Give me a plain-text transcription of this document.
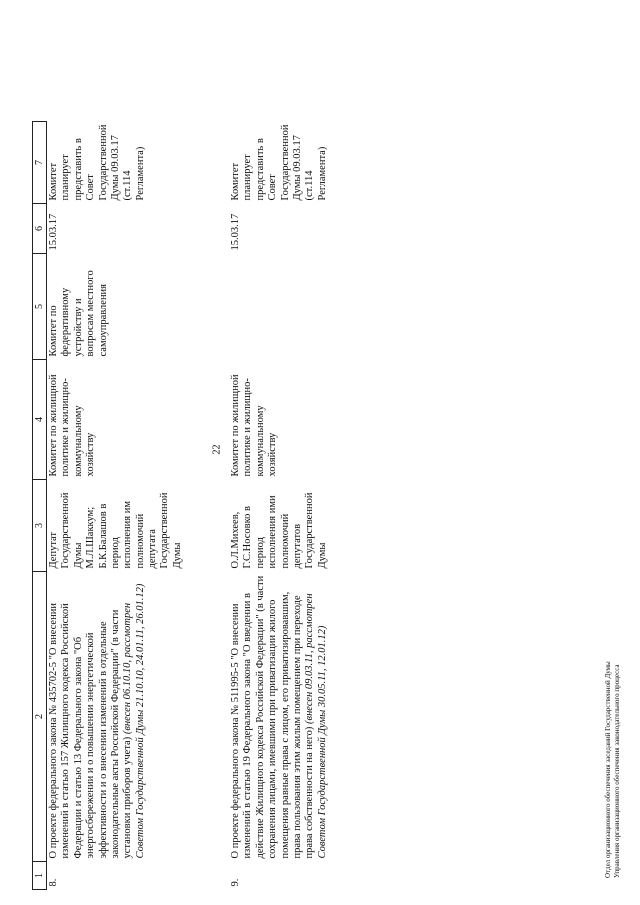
22
1	2	3	4	5	6	7
8.	О проекте федерального закона № 435702-5 "О внесении изменений в статью 157 Жилищного кодекса Российской Федерации и статью 13 Федерального закона "Об энергосбережении и о повышении энергетической эффективности и о внесении изменений в отдельные законодательные акты Российской Федерации" (в части установки приборов учета) (внесен 06.10.10, рассмотрен Советом Государственной Думы 21.10.10, 24.01.11, 26.01.12)	Депутат Государственной Думы М.Л.Шаккум; Б.К.Балашов в период исполнения им полномочий депутата Государственной Думы	Комитет по жилищной политике и жилищно-коммунальному хозяйству	Комитет по федеративному устройству и вопросам местного самоуправления	15.03.17	Комитет планирует представить в Совет Государственной Думы 09.03.17 (ст.114 Регламента)
9.	О проекте федерального закона № 511995-5 "О внесении изменений в статью 19 Федерального закона "О введении в действие Жилищного кодекса Российской Федерации" (в части сохранения лицами, имевшими при приватизации жилого помещения равные права с лицом, его приватизировавшим, права пользования этим жилым помещением при переходе права собственности на него) (внесен 09.03.11, рассмотрен Советом Государственной Думы 30.05.11, 12.01.12)	О.Л.Михеев, Г.С.Носовко в период исполнения ими полномочий депутатов Государственной Думы	Комитет по жилищной политике и жилищно-коммунальному хозяйству		15.03.17	Комитет планирует представить в Совет Государственной Думы 09.03.17 (ст.114 Регламента)
Отдел организационного обеспечения заседаний Государственной Думы Управления организационного обеспечения законодательного процесса
